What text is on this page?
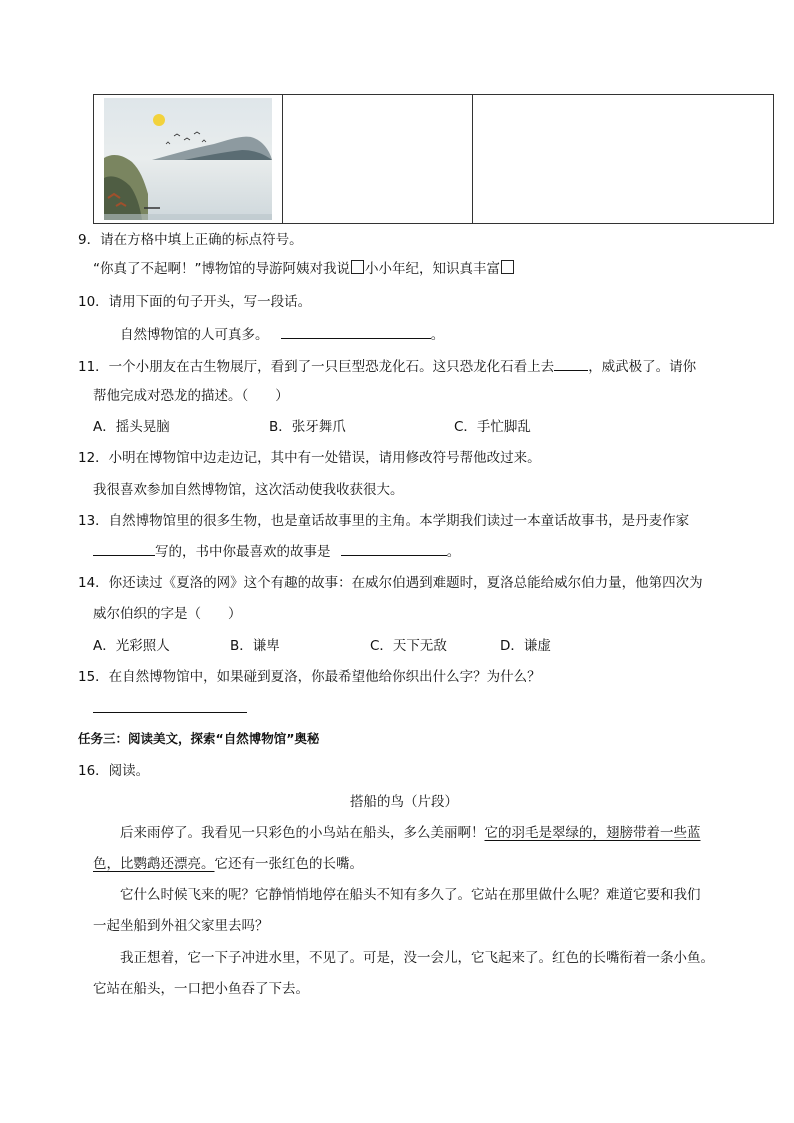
9．请在方格中填上正确的标点符号。
“你真了不起啊！”博物馆的导游阿姨对我说 小小年纪，知识真丰富
10．请用下面的句子开头，写一段话。
自然博物馆的人可真多。	。
11．一个小朋友在古生物展厅，看到了一只巨型恐龙化石。这只恐龙化石看上去	，威武极了。请你
帮他完成对恐龙的描述。（　　）
A．摇头晃脑	B．张牙舞爪	C．手忙脚乱
12．小明在博物馆中边走边记，其中有一处错误，请用修改符号帮他改过来。
我很喜欢参加自然博物馆，这次活动使我收获很大。
13．自然博物馆里的很多生物，也是童话故事里的主角。本学期我们读过一本童话故事书，是丹麦作家
写的，书中你最喜欢的故事是	。
14．你还读过《夏洛的网》这个有趣的故事：在威尔伯遇到难题时，夏洛总能给威尔伯力量，他第四次为
威尔伯织的字是（　　）
A．光彩照人	B．谦卑	C．天下无敌	D．谦虚
15．在自然博物馆中，如果碰到夏洛，你最希望他给你织出什么字？为什么？
任务三：阅读美文，探索“自然博物馆”奥秘
16．阅读。
搭船的鸟（片段）
后来雨停了。我看见一只彩色的小鸟站在船头，多么美丽啊！它的羽毛是翠绿的，翅膀带着一些蓝
色，比鹦鹉还漂亮。它还有一张红色的长嘴。
它什么时候飞来的呢？它静悄悄地停在船头不知有多久了。它站在那里做什么呢？难道它要和我们
一起坐船到外祖父家里去吗？
我正想着，它一下子冲进水里，不见了。可是，没一会儿，它飞起来了。红色的长嘴衔着一条小鱼。
它站在船头，一口把小鱼吞了下去。
